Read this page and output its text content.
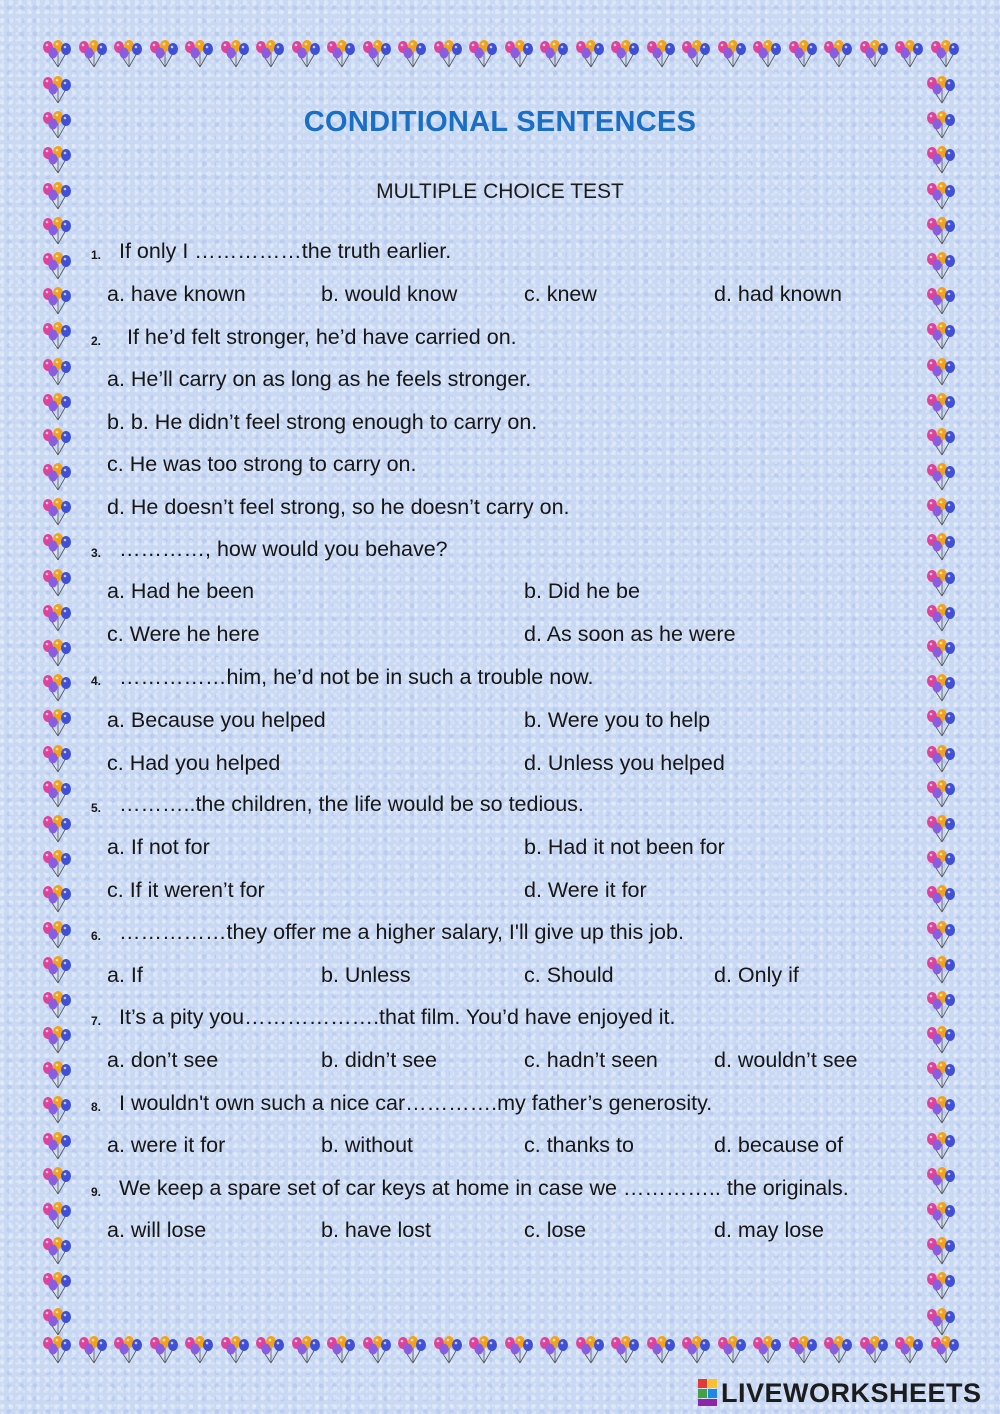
CONDITIONAL SENTENCES
MULTIPLE CHOICE TEST
1. If only I ……………the truth earlier.
a. have known	b. would know	c. knew	d. had known
2. If he’d felt stronger, he’d have carried on.
a. He’ll carry on as long as he feels stronger.
b. b. He didn’t feel strong enough to carry on.
c. He was too strong to carry on.
d. He doesn’t feel strong, so he doesn’t carry on.
3. …………, how would you behave?
a. Had he been	b. Did he be
c. Were he here	d. As soon as he were
4. ……………him, he’d not be in such a trouble now.
a. Because you helped	b. Were you to help
c. Had you helped	d. Unless you helped
5. ………..the children, the life would be so tedious.
a. If not for	b. Had it not been for
c. If it weren’t for	d. Were it for
6. ……………they offer me a higher salary, I'll give up this job.
a. If	b. Unless	c. Should	d. Only if
7. It’s a pity you……………….that film. You’d have enjoyed it.
a. don’t see	b. didn’t see	c. hadn’t seen	d. wouldn’t see
8. I wouldn't own such a nice car………….my father’s generosity.
a. were it for	b. without	c. thanks to	d. because of
9. We keep a spare set of car keys at home in case we ………….. the originals.
a. will lose	b. have lost	c. lose	d. may lose
LIVEWORKSHEETS
